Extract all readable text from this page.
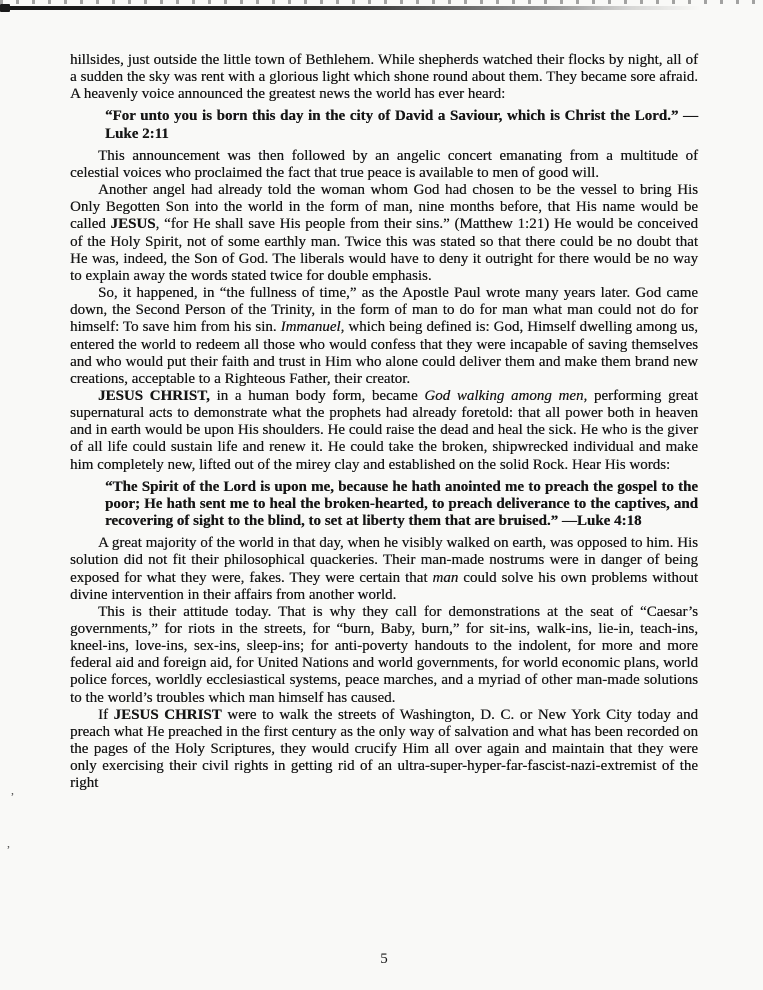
,
,

hillsides, just outside the little town of Bethlehem. While shepherds watched their flocks by night, all of a sudden the sky was rent with a glorious light which shone round about them. They became sore afraid. A heavenly voice announced the greatest news the world has ever heard:

“For unto you is born this day in the city of David a Saviour, which is Christ the Lord.” —Luke 2:11

This announcement was then followed by an angelic concert emanating from a multitude of celestial voices who proclaimed the fact that true peace is available to men of good will.

Another angel had already told the woman whom God had chosen to be the vessel to bring His Only Begotten Son into the world in the form of man, nine months before, that His name would be called JESUS, “for He shall save His people from their sins.” (Matthew 1:21) He would be conceived of the Holy Spirit, not of some earthly man. Twice this was stated so that there could be no doubt that He was, indeed, the Son of God. The liberals would have to deny it outright for there would be no way to explain away the words stated twice for double emphasis.

So, it happened, in “the fullness of time,” as the Apostle Paul wrote many years later. God came down, the Second Person of the Trinity, in the form of man to do for man what man could not do for himself: To save him from his sin. Immanuel, which being defined is: God, Himself dwelling among us, entered the world to redeem all those who would confess that they were incapable of saving themselves and who would put their faith and trust in Him who alone could deliver them and make them brand new creations, acceptable to a Righteous Father, their creator.

JESUS CHRIST, in a human body form, became God walking among men, performing great supernatural acts to demonstrate what the prophets had already foretold: that all power both in heaven and in earth would be upon His shoulders. He could raise the dead and heal the sick. He who is the giver of all life could sustain life and renew it. He could take the broken, shipwrecked individual and make him completely new, lifted out of the mirey clay and established on the solid Rock. Hear His words:

“The Spirit of the Lord is upon me, because he hath anointed me to preach the gospel to the poor; He hath sent me to heal the broken-hearted, to preach deliverance to the captives, and recovering of sight to the blind, to set at liberty them that are bruised.” —Luke 4:18

A great majority of the world in that day, when he visibly walked on earth, was opposed to him. His solution did not fit their philosophical quackeries. Their man-made nostrums were in danger of being exposed for what they were, fakes. They were certain that man could solve his own problems without divine intervention in their affairs from another world.

This is their attitude today. That is why they call for demonstrations at the seat of “Caesar’s governments,” for riots in the streets, for “burn, Baby, burn,” for sit-ins, walk-ins, lie-in, teach-ins, kneel-ins, love-ins, sex-ins, sleep-ins; for anti-poverty handouts to the indolent, for more and more federal aid and foreign aid, for United Nations and world governments, for world economic plans, world police forces, worldly ecclesiastical systems, peace marches, and a myriad of other man-made solutions to the world’s troubles which man himself has caused.

If JESUS CHRIST were to walk the streets of Washington, D. C. or New York City today and preach what He preached in the first century as the only way of salvation and what has been recorded on the pages of the Holy Scriptures, they would crucify Him all over again and maintain that they were only exercising their civil rights in getting rid of an ultra-super-hyper-far-fascist-nazi-extremist of the right

5
